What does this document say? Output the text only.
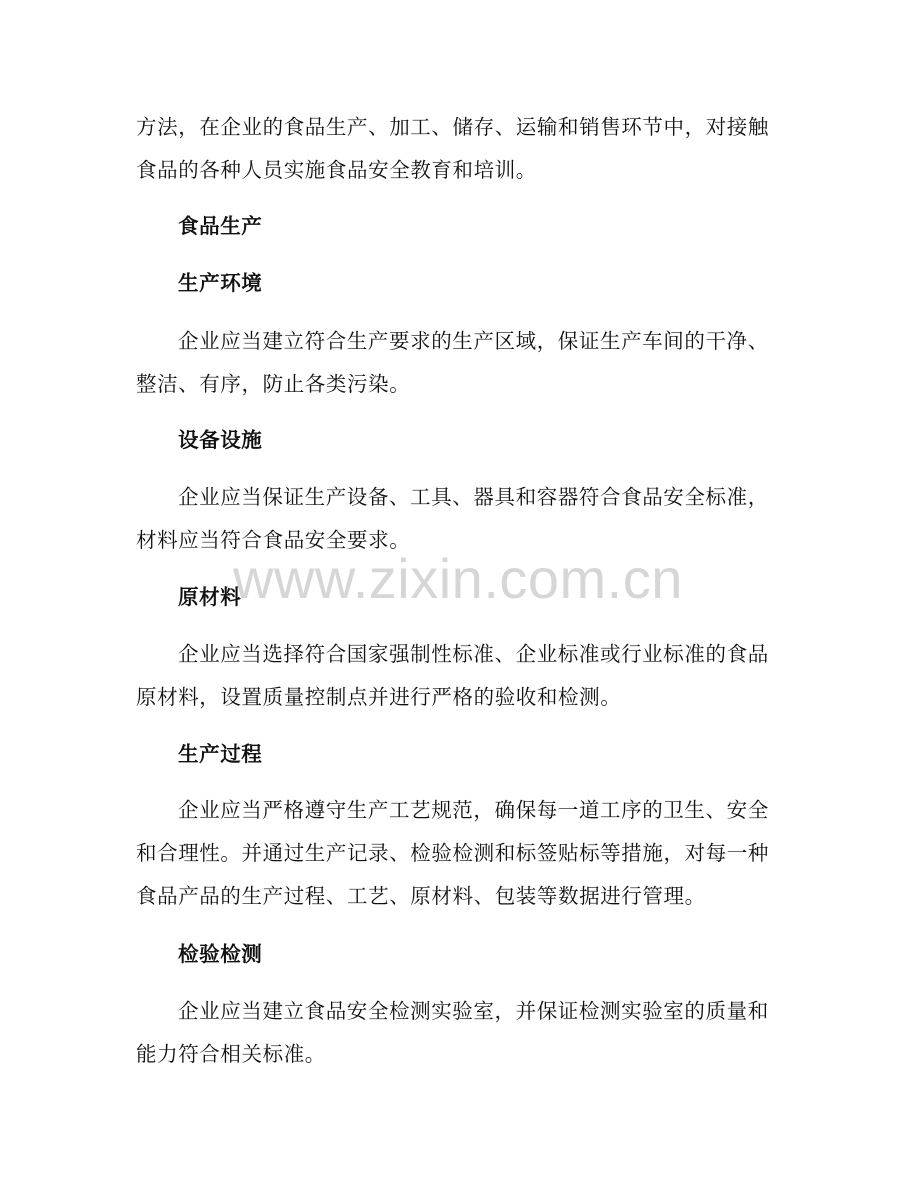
方法，在企业的食品生产、加工、储存、运输和销售环节中，对接触
食品的各种人员实施食品安全教育和培训。

食品生产
生产环境

企业应当建立符合生产要求的生产区域，保证生产车间的干净、
整洁、有序，防止各类污染。

设备设施

企业应当保证生产设备、工具、器具和容器符合食品安全标准，
材料应当符合食品安全要求。

原材料

企业应当选择符合国家强制性标准、企业标准或行业标准的食品
原材料，设置质量控制点并进行严格的验收和检测。

生产过程

企业应当严格遵守生产工艺规范，确保每一道工序的卫生、安全
和合理性。并通过生产记录、检验检测和标签贴标等措施，对每一种
食品产品的生产过程、工艺、原材料、包装等数据进行管理。

检验检测

企业应当建立食品安全检测实验室，并保证检测实验室的质量和
能力符合相关标准。

www.zixin.com.cn
